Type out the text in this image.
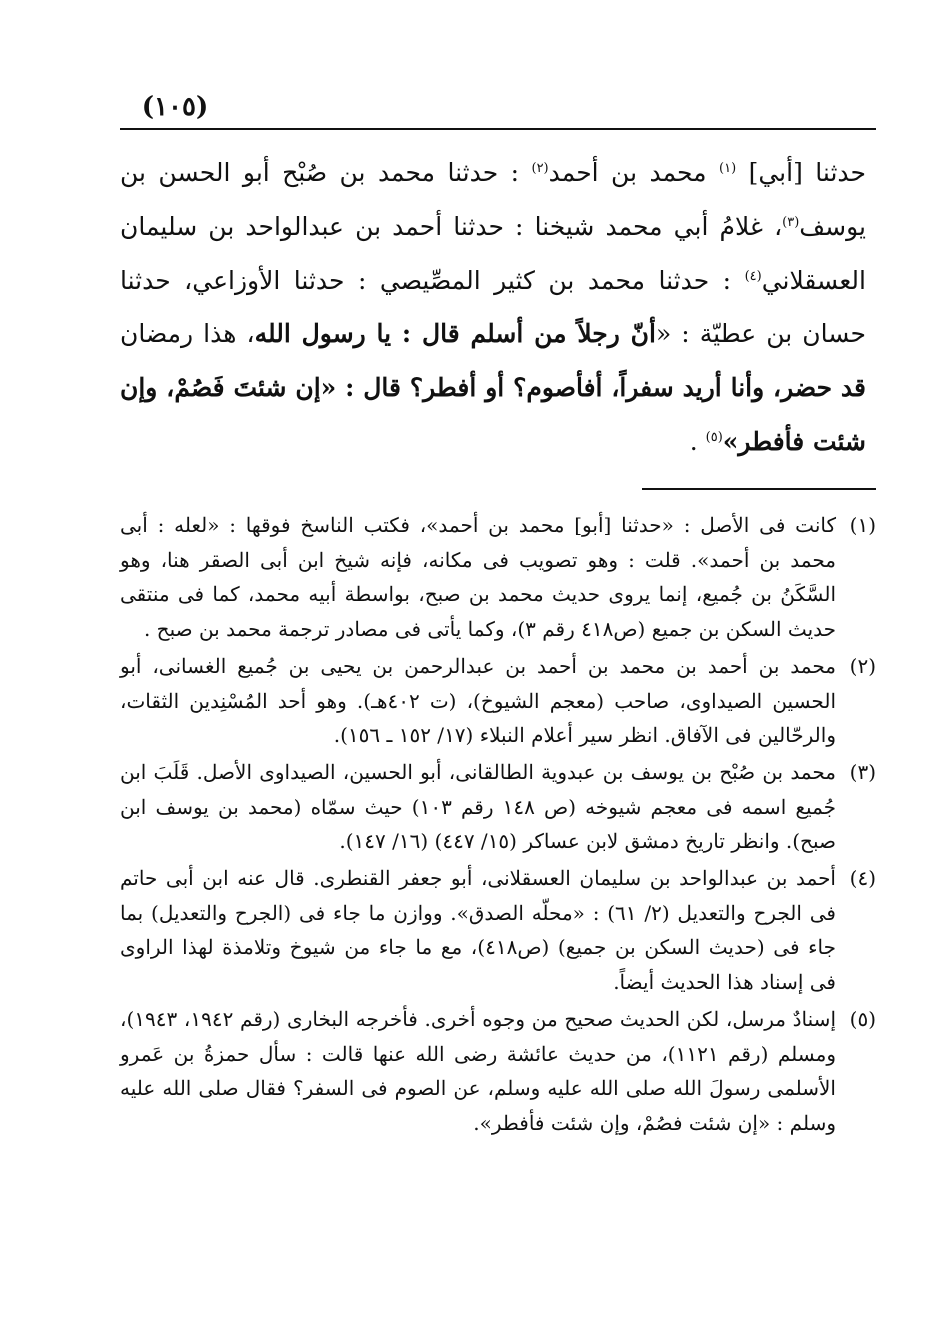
(١٠٥)

حدثنا [أبي] $^{(١)}$ محمد بن أحمد$^{(٢)}$ : حدثنا محمد بن صُبْح أبو الحسن بن يوسف$^{(٣)}$، غلامُ أبي محمد شيخنا : حدثنا أحمد بن عبدالواحد بن سليمان العسقلاني$^{(٤)}$ : حدثنا محمد بن كثير المصِّيصي : حدثنا الأوزاعي، حدثنا حسان بن عطيّة : «أنّ رجلاً من أسلم قال : يا رسول الله، هذا رمضان قد حضر، وأنا أريد سفراً، أفأصوم؟ أو أفطر؟ قال : «إن شئتَ فَصُمْ، وإن شئت فأفطر»$^{(٥)}$ .

(١)
كانت فى الأصل : «حدثنا [أبو] محمد بن أحمد»، فكتب الناسخ فوقها : «لعله : أبى محمد بن أحمد». قلت : وهو تصويب فى مكانه، فإنه شيخ ابن أبى الصقر هنا، وهو السَّكَنُ بن جُميع، إنما يروى حديث محمد بن صبح، بواسطة أبيه محمد، كما فى منتقى حديث السكن بن جميع (ص٤١٨ رقم ٣)، وكما يأتى فى مصادر ترجمة محمد بن صبح .
(٢)
محمد بن أحمد بن محمد بن أحمد بن عبدالرحمن بن يحيى بن جُميع الغسانى، أبو الحسين الصيداوى، صاحب (معجم الشيوخ)، (ت ٤٠٢هـ). وهو أحد المُسْنِدين الثقات، والرحّالين فى الآفاق. انظر سير أعلام النبلاء (١٧/ ١٥٢ ـ ١٥٦).
(٣)
محمد بن صُبْح بن يوسف بن عبدوية الطالقانى، أبو الحسين، الصيداوى الأصل. قَلَبَ ابن جُميع اسمه فى معجم شيوخه (ص ١٤٨ رقم ١٠٣) حيث سمّاه (محمد بن يوسف ابن صبح). وانظر تاريخ دمشق لابن عساكر (١٥/ ٤٤٧) (١٦/ ١٤٧).
(٤)
أحمد بن عبدالواحد بن سليمان العسقلانى، أبو جعفر القنطرى. قال عنه ابن أبى حاتم فى الجرح والتعديل (٢/ ٦١) : «محلّه الصدق». ووازن ما جاء فى (الجرح والتعديل) بما جاء فى (حديث السكن بن جميع) (ص٤١٨)، مع ما جاء من شيوخ وتلامذة لهذا الراوى فى إسناد هذا الحديث أيضاً.
(٥)
إسنادٌ مرسل، لكن الحديث صحيح من وجوه أخرى. فأخرجه البخارى (رقم ١٩٤٢، ١٩٤٣)، ومسلم (رقم ١١٢١)، من حديث عائشة رضى الله عنها قالت : سأل حمزةُ بن عَمرو الأسلمى رسولَ الله صلى الله عليه وسلم، عن الصوم فى السفر؟ فقال صلى الله عليه وسلم : «إن شئت فصُمْ، وإن شئت فأفطر».
